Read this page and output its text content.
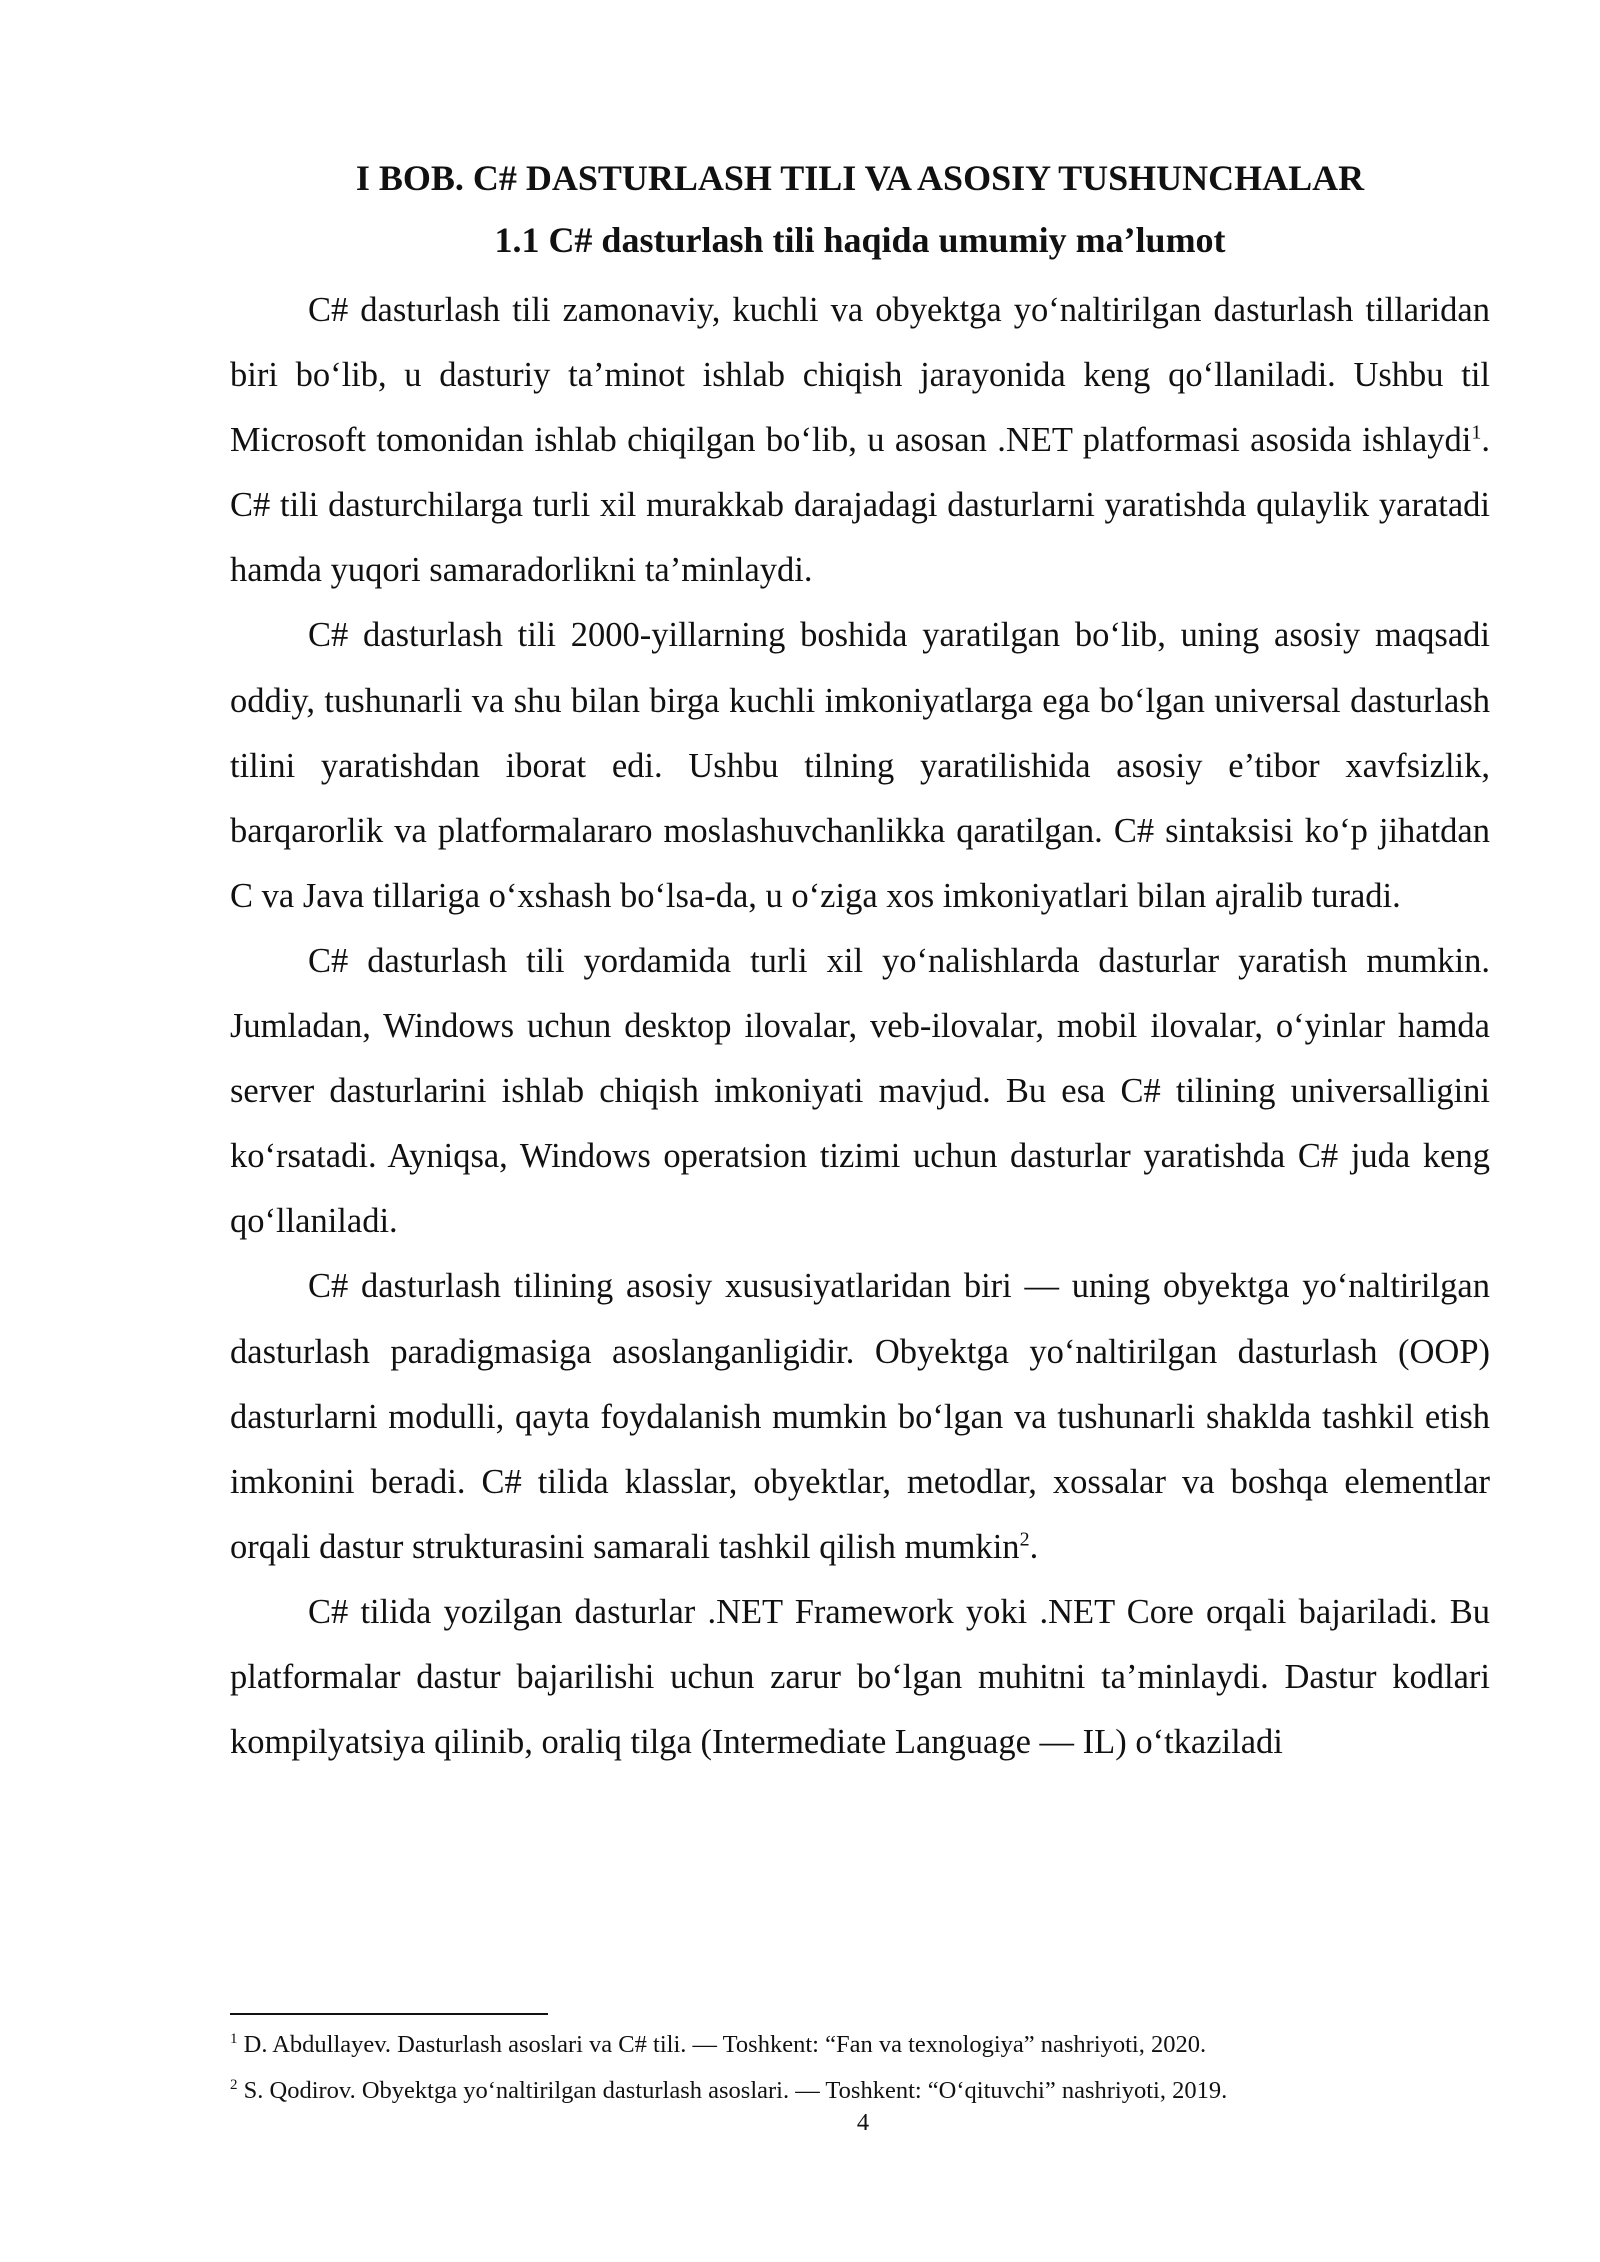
I BOB. C# DASTURLASH TILI VA ASOSIY TUSHUNCHALAR
1.1 C# dasturlash tili haqida umumiy ma’lumot

C# dasturlash tili zamonaviy, kuchli va obyektga yo‘naltirilgan dasturlash tillaridan biri bo‘lib, u dasturiy ta’minot ishlab chiqish jarayonida keng qo‘llaniladi. Ushbu til Microsoft tomonidan ishlab chiqilgan bo‘lib, u asosan .NET platformasi asosida ishlaydi$^1$. C# tili dasturchilarga turli xil murakkab darajadagi dasturlarni yaratishda qulaylik yaratadi hamda yuqori samaradorlikni ta’minlaydi.

C# dasturlash tili 2000-yillarning boshida yaratilgan bo‘lib, uning asosiy maqsadi oddiy, tushunarli va shu bilan birga kuchli imkoniyatlarga ega bo‘lgan universal dasturlash tilini yaratishdan iborat edi. Ushbu tilning yaratilishida asosiy e’tibor xavfsizlik, barqarorlik va platformalararo moslashuvchanlikka qaratilgan. C# sintaksisi ko‘p jihatdan C va Java tillariga o‘xshash bo‘lsa-da, u o‘ziga xos imkoniyatlari bilan ajralib turadi.

C# dasturlash tili yordamida turli xil yo‘nalishlarda dasturlar yaratish mumkin. Jumladan, Windows uchun desktop ilovalar, veb-ilovalar, mobil ilovalar, o‘yinlar hamda server dasturlarini ishlab chiqish imkoniyati mavjud. Bu esa C# tilining universalligini ko‘rsatadi. Ayniqsa, Windows operatsion tizimi uchun dasturlar yaratishda C# juda keng qo‘llaniladi.

C# dasturlash tilining asosiy xususiyatlaridan biri — uning obyektga yo‘naltirilgan dasturlash paradigmasiga asoslanganligidir. Obyektga yo‘naltirilgan dasturlash (OOP) dasturlarni modulli, qayta foydalanish mumkin bo‘lgan va tushunarli shaklda tashkil etish imkonini beradi. C# tilida klasslar, obyektlar, metodlar, xossalar va boshqa elementlar orqali dastur strukturasini samarali tashkil qilish mumkin$^2$.

C# tilida yozilgan dasturlar .NET Framework yoki .NET Core orqali bajariladi. Bu platformalar dastur bajarilishi uchun zarur bo‘lgan muhitni ta’minlaydi. Dastur kodlari kompilyatsiya qilinib, oraliq tilga (Intermediate Language — IL) o‘tkaziladi

$^1$ D. Abdullayev. Dasturlash asoslari va C# tili. — Toshkent: “Fan va texnologiya” nashriyoti, 2020.

$^2$ S. Qodirov. Obyektga yo‘naltirilgan dasturlash asoslari. — Toshkent: “O‘qituvchi” nashriyoti, 2019.

4
